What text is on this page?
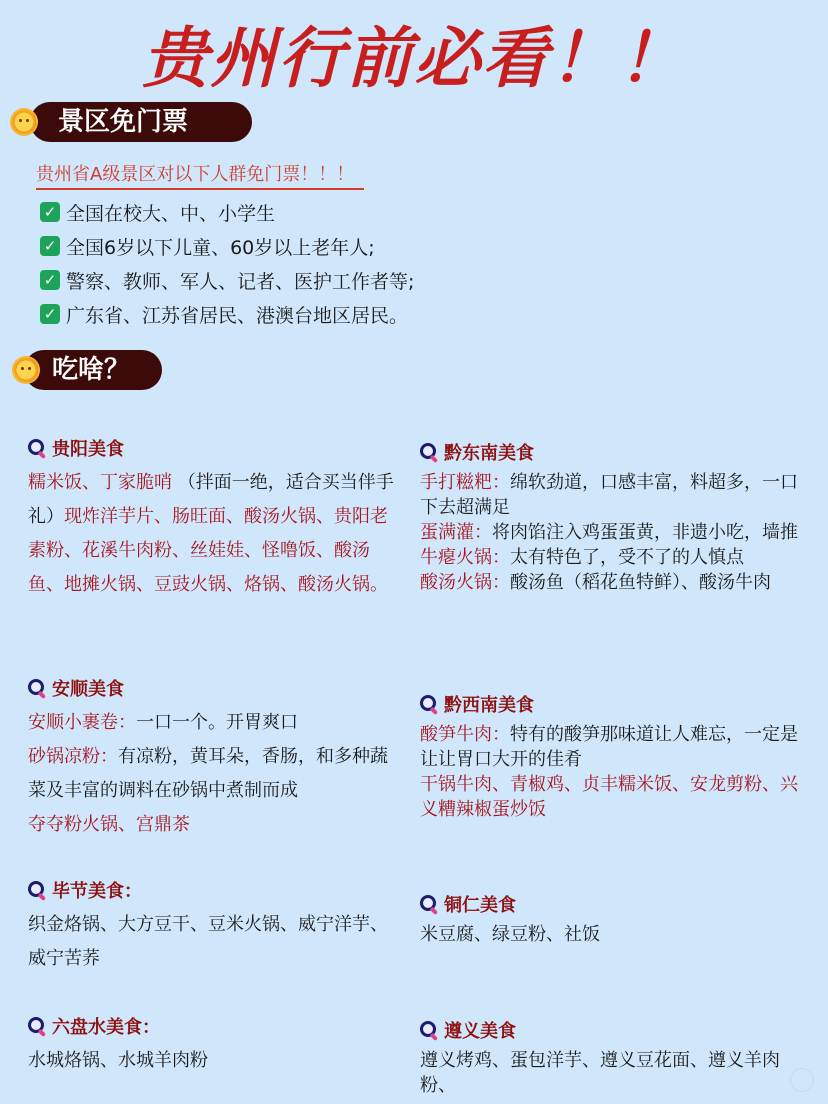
贵州行前必看！！
景区免门票
贵州省A级景区对以下人群免门票！！！
✓ 全国在校大、中、小学生
✓ 全国6岁以下儿童、60岁以上老年人;
✓ 警察、教师、军人、记者、医护工作者等;
✓ 广东省、江苏省居民、港澳台地区居民。
吃啥？
贵阳美食
糯米饭、丁家脆哨 （拌面一绝，适合买当伴手礼）现炸洋芋片、肠旺面、酸汤火锅、贵阳老素粉、花溪牛肉粉、丝娃娃、怪噜饭、酸汤鱼、地摊火锅、豆豉火锅、烙锅、酸汤火锅。
安顺美食
安顺小裹卷：一口一个。开胃爽口
砂锅凉粉：有凉粉，黄耳朵，香肠，和多种蔬菜及丰富的调料在砂锅中煮制而成
夺夺粉火锅、宫鼎茶
毕节美食：
织金烙锅、大方豆干、豆米火锅、威宁洋芋、威宁苦荞
六盘水美食：
水城烙锅、水城羊肉粉
黔东南美食
手打糍粑：绵软劲道，口感丰富，料超多，一口下去超满足
蛋满灌：将肉馅注入鸡蛋蛋黄，非遗小吃，墙推
牛瘪火锅：太有特色了，受不了的人慎点
酸汤火锅：酸汤鱼（稻花鱼特鲜）、酸汤牛肉
黔西南美食
酸笋牛肉：特有的酸笋那味道让人难忘，一定是让让胃口大开的佳肴
干锅牛肉、青椒鸡、贞丰糯米饭、安龙剪粉、兴义糟辣椒蛋炒饭
铜仁美食
米豆腐、绿豆粉、社饭
遵义美食
遵义烤鸡、蛋包洋芋、遵义豆花面、遵义羊肉粉、
